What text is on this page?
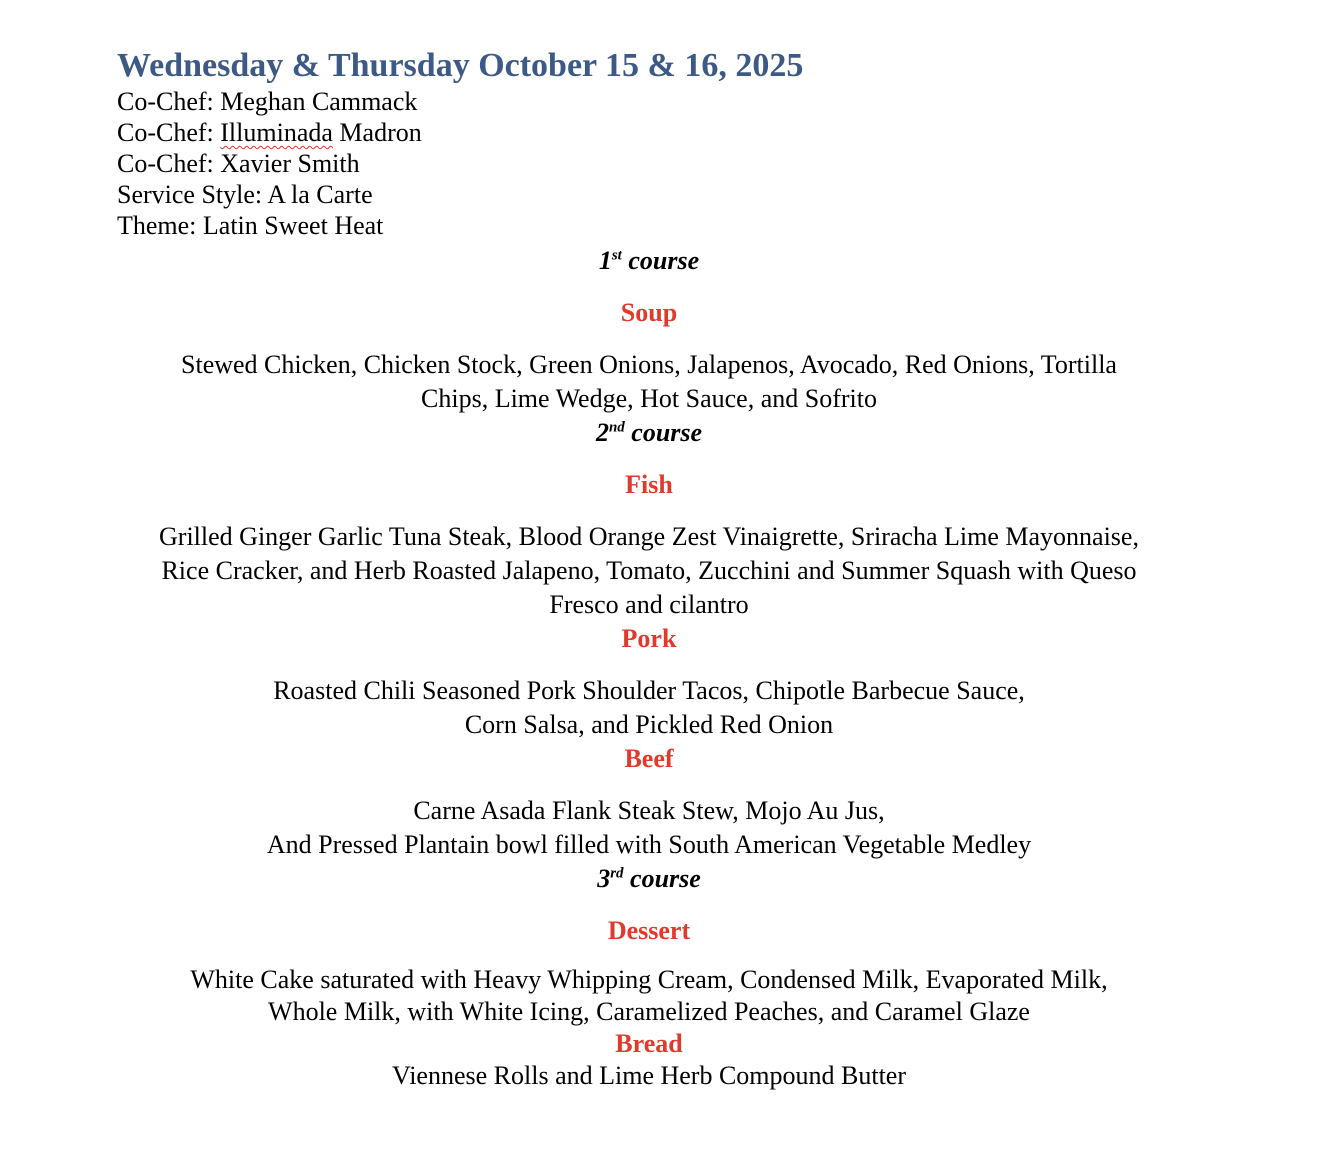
Wednesday & Thursday October 15 & 16, 2025
Co-Chef: Meghan Cammack
Co-Chef: Illuminada Madron
Co-Chef: Xavier Smith
Service Style: A la Carte
Theme: Latin Sweet Heat
1st course
Soup
Stewed Chicken, Chicken Stock, Green Onions, Jalapenos, Avocado, Red Onions, Tortilla
Chips, Lime Wedge, Hot Sauce, and Sofrito
2nd course
Fish
Grilled Ginger Garlic Tuna Steak, Blood Orange Zest Vinaigrette, Sriracha Lime Mayonnaise,
Rice Cracker, and Herb Roasted Jalapeno, Tomato, Zucchini and Summer Squash with Queso
Fresco and cilantro
Pork
Roasted Chili Seasoned Pork Shoulder Tacos, Chipotle Barbecue Sauce,
Corn Salsa, and Pickled Red Onion
Beef
Carne Asada Flank Steak Stew, Mojo Au Jus,
And Pressed Plantain bowl filled with South American Vegetable Medley
3rd course
Dessert
White Cake saturated with Heavy Whipping Cream, Condensed Milk, Evaporated Milk,
Whole Milk, with White Icing, Caramelized Peaches, and Caramel Glaze
Bread
Viennese Rolls and Lime Herb Compound Butter
